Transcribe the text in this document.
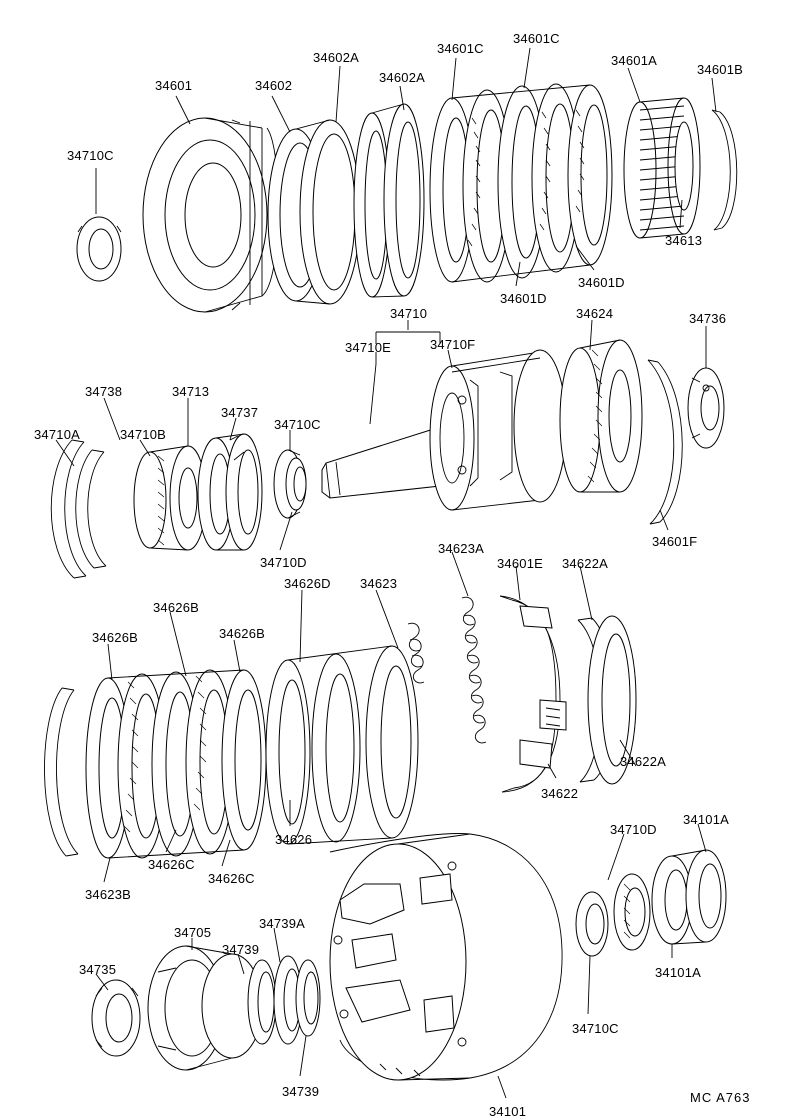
34710C
34601	34602
34602A
34602A
34601C
34601C
34601A
34601B
34613
34601D
34601D
34710
34710E	34710F
34624	34736
34738	34713
34737
34710C
34710A	34710B
34710D
34601F
34623A
34601E 34622A
34626D 34623
34626B
34626B	34626B
34622A
34622
34626
34626C
34626C
34623B
34710D
34101A
34101A
34710C
34705
34739A
34739
34735
34739
34101
MC A763
